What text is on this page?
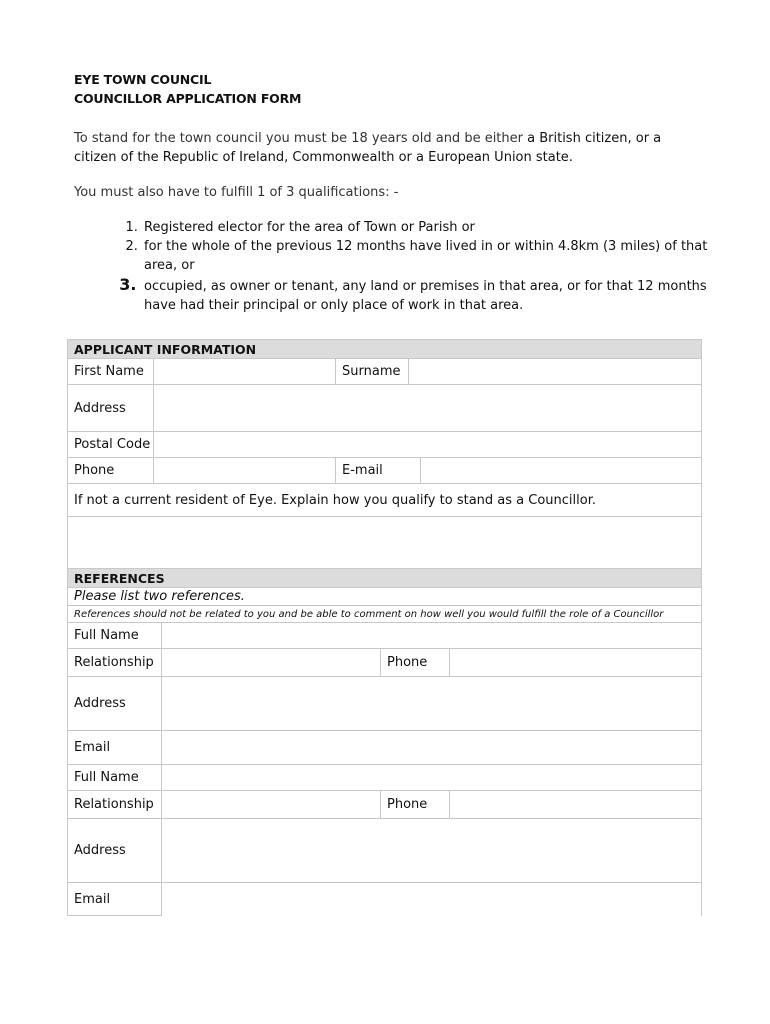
EYE TOWN COUNCIL
COUNCILLOR APPLICATION FORM
To stand for the town council you must be 18 years old and be either a British citizen, or a
citizen of the Republic of Ireland, Commonwealth or a European Union state.
You must also have to fulfill 1 of 3 qualifications: -
1. Registered elector for the area of Town or Parish or
2. for the whole of the previous 12 months have lived in or within 4.8km (3 miles) of that area, or
3. occupied, as owner or tenant, any land or premises in that area, or for that 12 months have had their principal or only place of work in that area.
APPLICANT INFORMATION
First Name	Surname
Address
Postal Code
Phone	E-mail
If not a current resident of Eye. Explain how you qualify to stand as a Councillor.
REFERENCES
Please list two references.
References should not be related to you and be able to comment on how well you would fulfill the role of a Councillor
Full Name
Relationship	Phone
Address
Email
Full Name
Relationship	Phone
Address
Email
